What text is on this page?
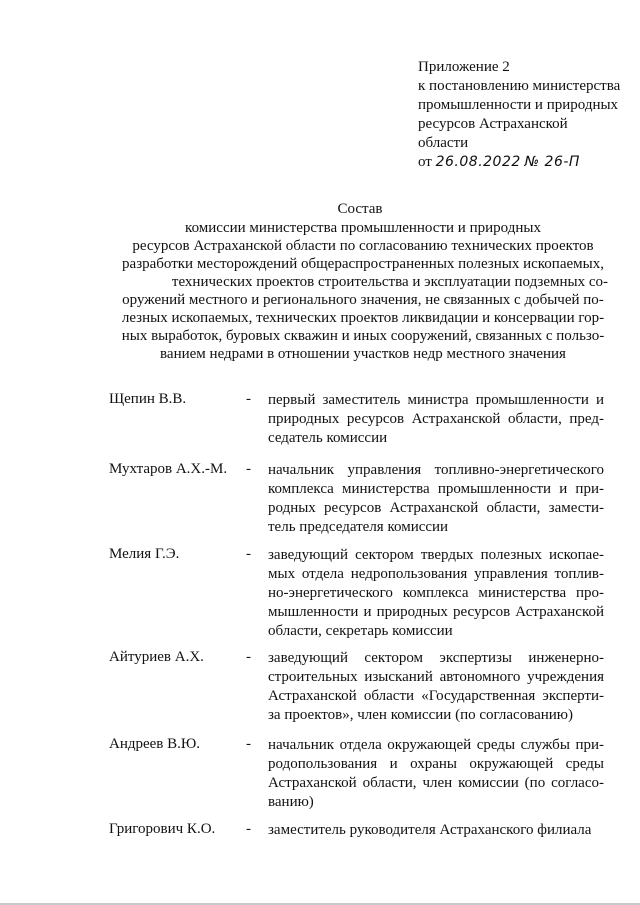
Приложение 2
к постановлению министерства
промышленности и природных
ресурсов Астраханской
области
от 26.08.2022 № 26-П
Состав
комиссии министерства промышленности и природных
ресурсов Астраханской области по согласованию технических проектов
разработки месторождений общераспространенных полезных ископаемых,
технических проектов строительства и эксплуатации подземных со-
оружений местного и регионального значения, не связанных с добычей по-
лезных ископаемых, технических проектов ликвидации и консервации гор-
ных выработок, буровых скважин и иных сооружений, связанных с пользо-
ванием недрами в отношении участков недр местного значения
Щепин В.В.	- первый заместитель министра промышленности и
природных ресурсов Астраханской области, пред-
седатель комиссии
Мухтаров А.Х.-М. - начальник управления топливно-энергетического
комплекса министерства промышленности и при-
родных ресурсов Астраханской области, замести-
тель председателя комиссии
Мелия Г.Э.	- заведующий сектором твердых полезных ископае-
мых отдела недропользования управления топлив-
но-энергетического комплекса министерства про-
мышленности и природных ресурсов Астраханской
области, секретарь комиссии
Айтуриев А.Х.	- заведующий сектором экспертизы инженерно-
строительных изысканий автономного учреждения
Астраханской области «Государственная эксперти-
за проектов», член комиссии (по согласованию)
Андреев В.Ю.	- начальник отдела окружающей среды службы при-
родопользования и охраны окружающей среды
Астраханской области, член комиссии (по согласо-
ванию)
Григорович К.О. - заместитель руководителя Астраханского филиала
